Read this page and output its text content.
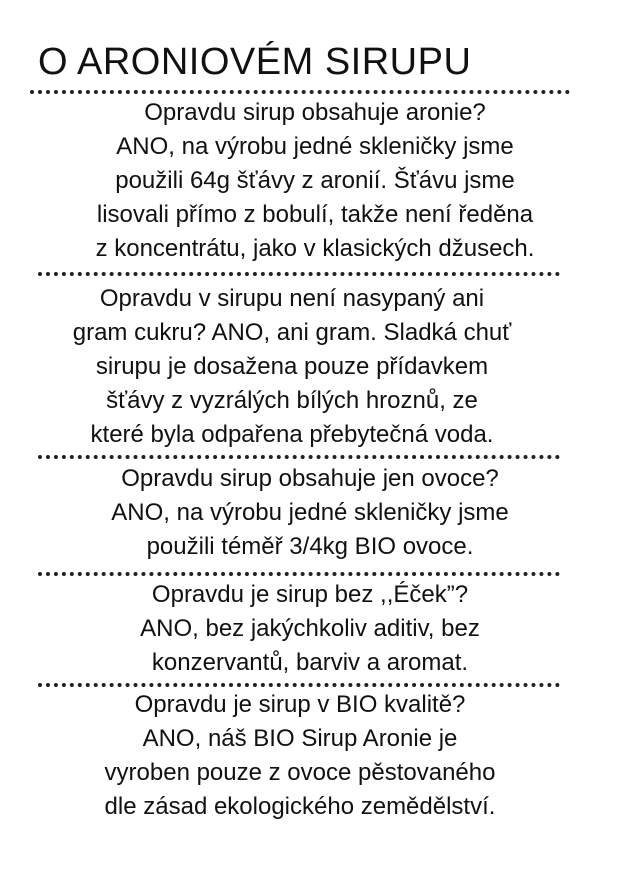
O ARONIOVÉM SIRUPU
Opravdu sirup obsahuje aronie?
ANO, na výrobu jedné skleničky jsme
použili 64g šťávy z aronií. Šťávu jsme
lisovali přímo z bobulí, takže není ředěna
z koncentrátu, jako v klasických džusech.
Opravdu v sirupu není nasypaný ani
gram cukru? ANO, ani gram. Sladká chuť
sirupu je dosažena pouze přídavkem
šťávy z vyzrálých bílých hroznů, ze
které byla odpařena přebytečná voda.
Opravdu sirup obsahuje jen ovoce?
ANO, na výrobu jedné skleničky jsme
použili téměř 3/4kg BIO ovoce.
Opravdu je sirup bez ,,Éček”?
ANO, bez jakýchkoliv aditiv, bez
konzervantů, barviv a aromat.
Opravdu je sirup v BIO kvalitě?
ANO, náš BIO Sirup Aronie je
vyroben pouze z ovoce pěstovaného
dle zásad ekologického zemědělství.
